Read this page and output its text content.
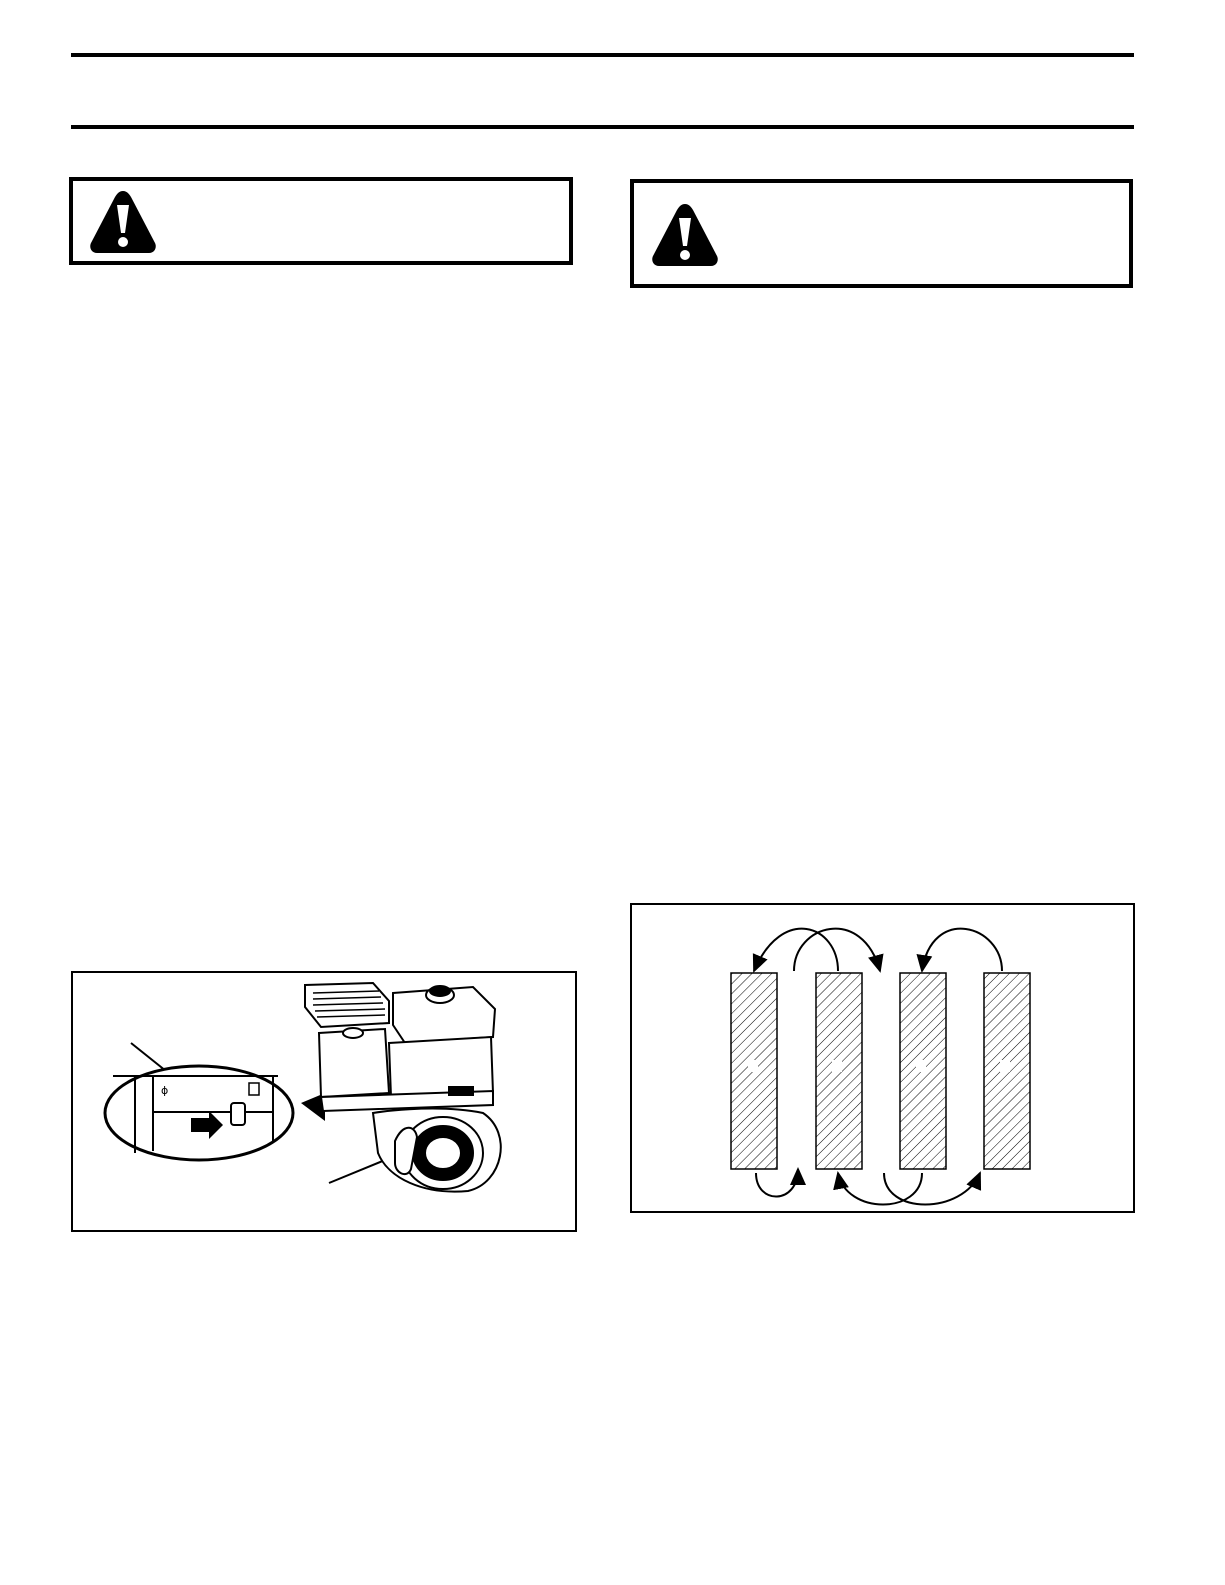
ϕ
